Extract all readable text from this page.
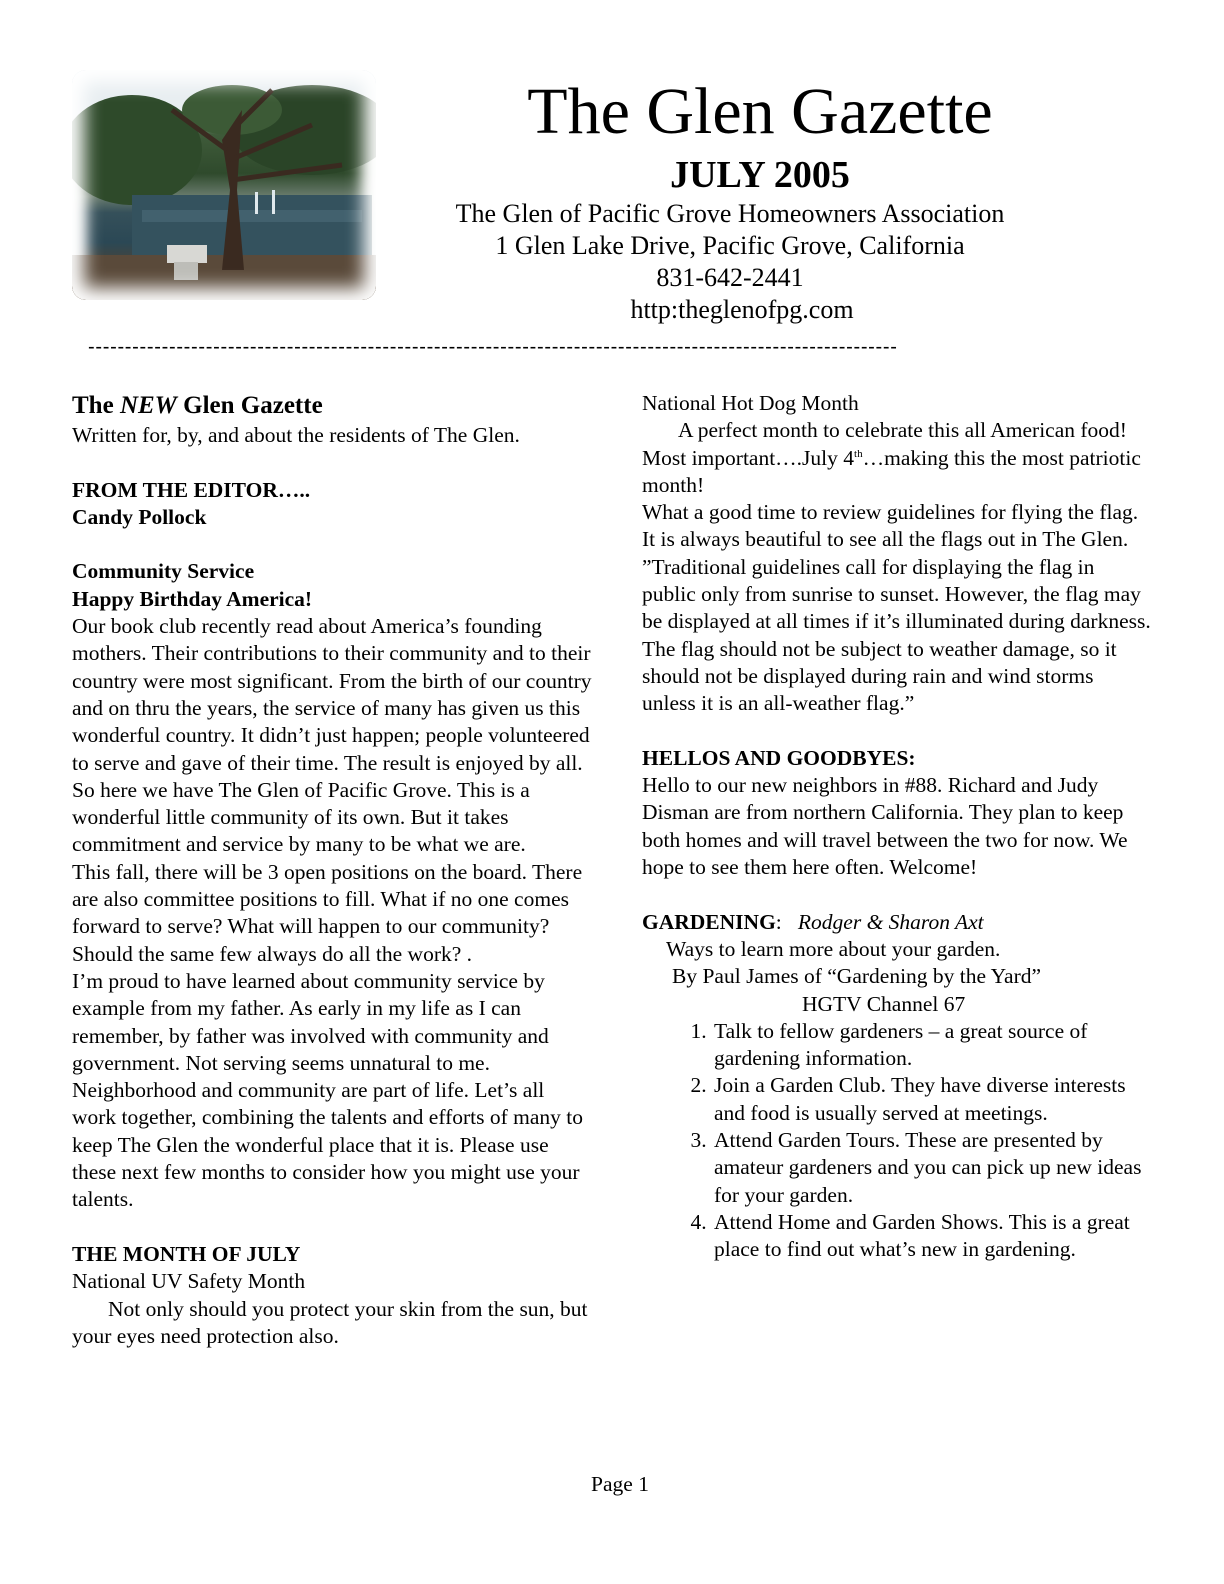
The Glen Gazette
JULY 2005
The Glen of Pacific Grove Homeowners Association
1 Glen Lake Drive, Pacific Grove, California
831-642-2441
http:theglenofpg.com
--------------------------------------------------------------------------------------------------------------

The NEW Glen Gazette

Written for, by, and about the residents of The Glen.

FROM THE EDITOR…..

Candy Pollock

Community Service

Happy Birthday America!

Our book club recently read about America’s founding mothers. Their contributions to their community and to their country were most significant. From the birth of our country and on thru the years, the service of many has given us this wonderful country. It didn’t just happen; people volunteered to serve and gave of their time. The result is enjoyed by all.

So here we have The Glen of Pacific Grove. This is a wonderful little community of its own. But it takes commitment and service by many to be what we are.

This fall, there will be 3 open positions on the board. There are also committee positions to fill. What if no one comes forward to serve? What will happen to our community? Should the same few always do all the work? .

I’m proud to have learned about community service by example from my father. As early in my life as I can remember, by father was involved with community and government. Not serving seems unnatural to me. Neighborhood and community are part of life. Let’s all work together, combining the talents and efforts of many to keep The Glen the wonderful place that it is. Please use these next few months to consider how you might use your talents.

THE MONTH OF JULY

National UV Safety Month

Not only should you protect your skin from the sun, but your eyes need protection also.

National Hot Dog Month

A perfect month to celebrate this all American food!

Most important….July 4th…making this the most patriotic month!

What a good time to review guidelines for flying the flag. It is always beautiful to see all the flags out in The Glen.

”Traditional guidelines call for displaying the flag in public only from sunrise to sunset. However, the flag may be displayed at all times if it’s illuminated during darkness. The flag should not be subject to weather damage, so it should not be displayed during rain and wind storms unless it is an all-weather flag.”

HELLOS AND GOODBYES:

Hello to our new neighbors in #88. Richard and Judy Disman are from northern California. They plan to keep both homes and will travel between the two for now. We hope to see them here often. Welcome!

GARDENING: Rodger & Sharon Axt

Ways to learn more about your garden.

By Paul James of “Gardening by the Yard”

HGTV Channel 67

1. Talk to fellow gardeners – a great source of gardening information.
2. Join a Garden Club. They have diverse interests and food is usually served at meetings.
3. Attend Garden Tours. These are presented by amateur gardeners and you can pick up new ideas for your garden.
4. Attend Home and Garden Shows. This is a great place to find out what’s new in gardening.
Page 1
